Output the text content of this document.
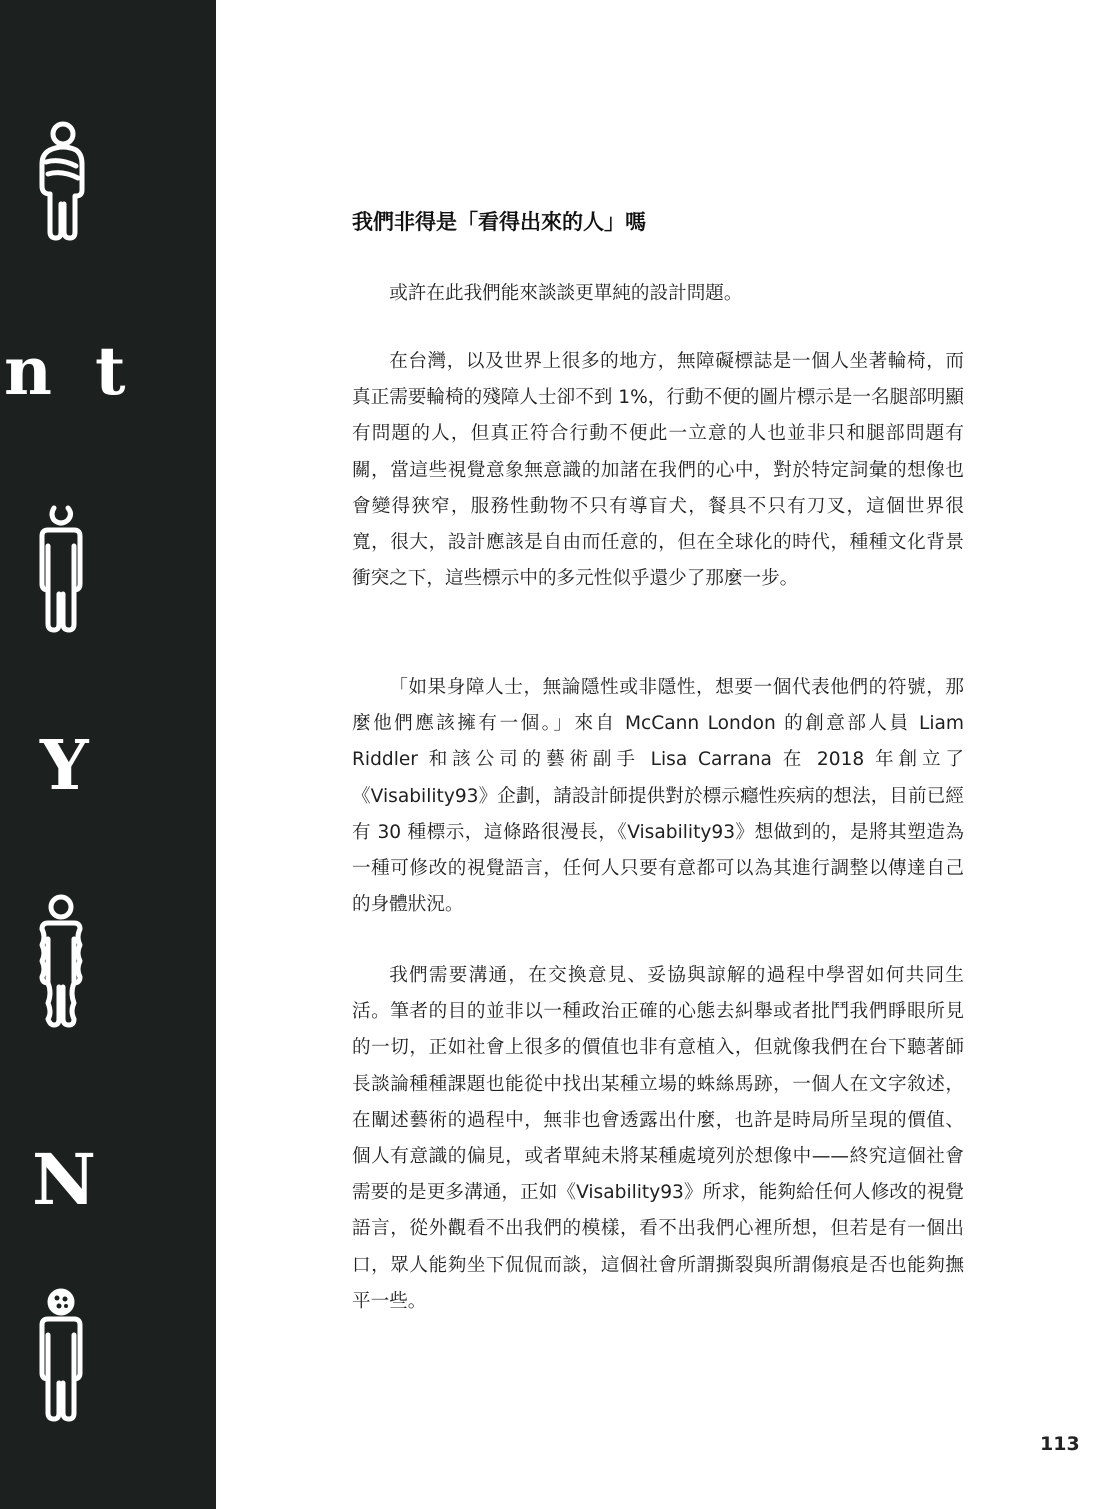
n t
Y
N
我們非得是「看得出來的人」嗎

或許在此我們能來談談更單純的設計問題。

在台灣，以及世界上很多的地方，無障礙標誌是一個人坐著輪椅，而真正需要輪椅的殘障人士卻不到 1%，行動不便的圖片標示是一名腿部明顯有問題的人，但真正符合行動不便此一立意的人也並非只和腿部問題有關，當這些視覺意象無意識的加諸在我們的心中，對於特定詞彙的想像也會變得狹窄，服務性動物不只有導盲犬，餐具不只有刀叉，這個世界很寬，很大，設計應該是自由而任意的，但在全球化的時代，種種文化背景衝突之下，這些標示中的多元性似乎還少了那麼一步。

「如果身障人士，無論隱性或非隱性，想要一個代表他們的符號，那麼他們應該擁有一個。」來自 McCann London 的創意部人員 Liam Riddler 和該公司的藝術副手 Lisa Carrana 在 2018 年創立了《Visability93》企劃，請設計師提供對於標示癮性疾病的想法，目前已經有 30 種標示，這條路很漫長，《Visability93》想做到的，是將其塑造為一種可修改的視覺語言，任何人只要有意都可以為其進行調整以傳達自己的身體狀況。

我們需要溝通，在交換意見、妥協與諒解的過程中學習如何共同生活。筆者的目的並非以一種政治正確的心態去糾舉或者批鬥我們睜眼所見的一切，正如社會上很多的價值也非有意植入，但就像我們在台下聽著師長談論種種課題也能從中找出某種立場的蛛絲馬跡，一個人在文字敘述，在闡述藝術的過程中，無非也會透露出什麼，也許是時局所呈現的價值、個人有意識的偏見，或者單純未將某種處境列於想像中——終究這個社會需要的是更多溝通，正如《Visability93》所求，能夠給任何人修改的視覺語言，從外觀看不出我們的模樣，看不出我們心裡所想，但若是有一個出口，眾人能夠坐下侃侃而談，這個社會所謂撕裂與所謂傷痕是否也能夠撫平一些。

113
